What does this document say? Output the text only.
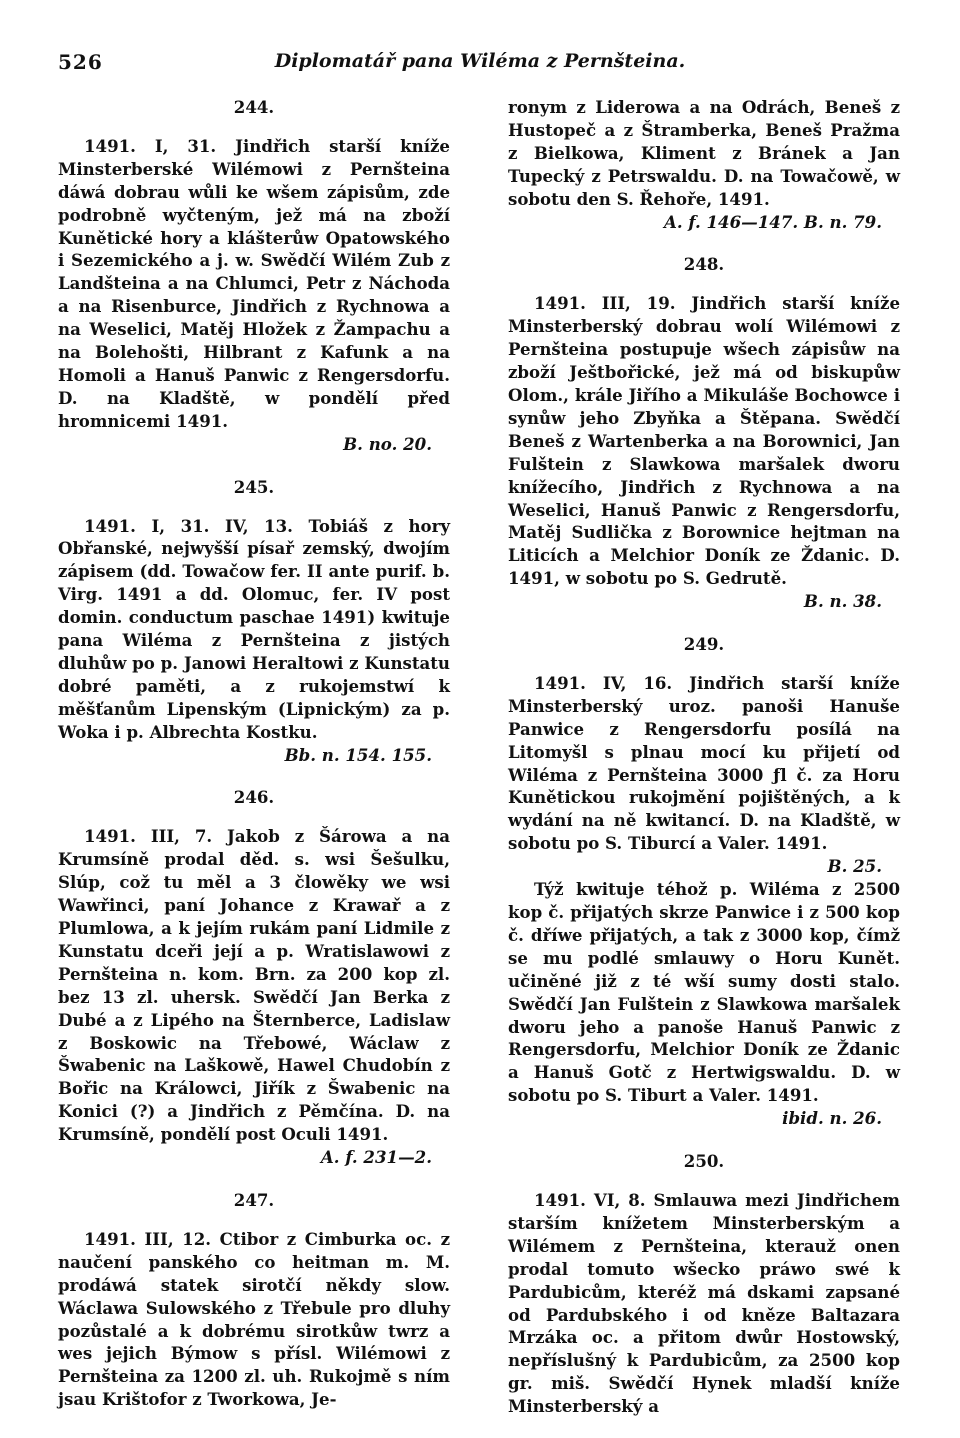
526	Diplomatář pana Wiléma z Pernšteina.
244.

1491. I, 31. Jindřich starší kníže Minsterberské Wilémowi z Pernšteina dáwá dobrau wůli ke wšem zápisům, zde podrobně wyčteným, jež má na zboží Kunětické hory a klášterůw Opatowského i Sezemického a j. w. Swědčí Wilém Zub z Landšteina a na Chlumci, Petr z Náchoda a na Risenburce, Jindřich z Rychnowa a na Weselici, Matěj Hložek z Žampachu a na Bolehošti, Hilbrant z Kafunk a na Homoli a Hanuš Panwic z Rengersdorfu. D. na Kladště, w pondělí před hromnicemi 1491.

B. no. 20.
245.

1491. I, 31. IV, 13. Tobiáš z hory Obřanské, nejwyšší písař zemský, dwojím zápisem (dd. Towačow fer. II ante purif. b. Virg. 1491 a dd. Olomuc, fer. IV post domin. conductum paschae 1491) kwituje pana Wiléma z Pernšteina z jistých dluhůw po p. Janowi Heraltowi z Kunstatu dobré paměti, a z rukojemstwí k měšťanům Lipenským (Lipnickým) za p. Woka i p. Albrechta Kostku.

Bb. n. 154. 155.
246.

1491. III, 7. Jakob z Šárowa a na Krumsíně prodal děd. s. wsi Šešulku, Slúp, což tu měl a 3 člowěky we wsi Wawřinci, paní Johance z Krawař a z Plumlowa, a k jejím rukám paní Lidmile z Kunstatu dceři její a p. Wratislawowi z Pernšteina n. kom. Brn. za 200 kop zl. bez 13 zl. uhersk. Swědčí Jan Berka z Dubé a z Lipého na Šternberce, Ladislaw z Boskowic na Třebowé, Wáclaw z Šwabenic na Laškowě, Hawel Chudobín z Bořic na Králowci, Jiřík z Šwabenic na Konici (?) a Jindřich z Pěmčína. D. na Krumsíně, pondělí post Oculi 1491.

A. f. 231—2.
247.

1491. III, 12. Ctibor z Cimburka oc. z naučení panského co heitman m. M. prodáwá statek sirotčí někdy slow. Wáclawa Sulowského z Třebule pro dluhy pozůstalé a k dobrému sirotkůw twrz a wes jejich Býmow s přísl. Wilémowi z Pernšteina za 1200 zl. uh. Rukojmě s ním jsau Krištofor z Tworkowa, Je-

ronym z Liderowa a na Odrách, Beneš z Hustopeč a z Štramberka, Beneš Pražma z Bielkowa, Kliment z Bránek a Jan Tupecký z Petrswaldu. D. na Towačowě, w sobotu den S. Řehoře, 1491.

A. f. 146—147. B. n. 79.
248.

1491. III, 19. Jindřich starší kníže Minsterberský dobrau wolí Wilémowi z Pernšteina postupuje wšech zápisůw na zboží Ještbořické, jež má od biskupůw Olom., krále Jiřího a Mikuláše Bochowce i synůw jeho Zbyňka a Štěpana. Swědčí Beneš z Wartenberka a na Borownici, Jan Fulštein z Slawkowa maršalek dworu knížecího, Jindřich z Rychnowa a na Weselici, Hanuš Panwic z Rengersdorfu, Matěj Sudlička z Borownice hejtman na Liticích a Melchior Doník ze Ždanic. D. 1491, w sobotu po S. Gedrutě.

B. n. 38.
249.

1491. IV, 16. Jindřich starší kníže Minsterberský uroz. panoši Hanuše Panwice z Rengersdorfu posílá na Litomyšl s plnau mocí ku přijetí od Wiléma z Pernšteina 3000 ƒl č. za Horu Kunětickou rukojmění pojištěných, a k wydání na ně kwitancí. D. na Kladště, w sobotu po S. Tiburcí a Valer. 1491.

B. 25.

Týž kwituje téhož p. Wiléma z 2500 kop č. přijatých skrze Panwice i z 500 kop č. dříwe přijatých, a tak z 3000 kop, čímž se mu podlé smlauwy o Horu Kunět. učiněné již z té wší sumy dosti stalo. Swědčí Jan Fulštein z Slawkowa maršalek dworu jeho a panoše Hanuš Panwic z Rengersdorfu, Melchior Doník ze Ždanic a Hanuš Gotč z Hertwigswaldu. D. w sobotu po S. Tiburt a Valer. 1491.

ibid. n. 26.
250.

1491. VI, 8. Smlauwa mezi Jindřichem starším knížetem Minsterberským a Wilémem z Pernšteina, kterauž onen prodal tomuto wšecko práwo swé k Pardubicům, kteréž má dskami zapsané od Pardubského i od kněze Baltazara Mrzáka oc. a přitom dwůr Hostowský, nepříslušný k Pardubicům, za 2500 kop gr. miš. Swědčí Hynek mladší kníže Minsterberský a
